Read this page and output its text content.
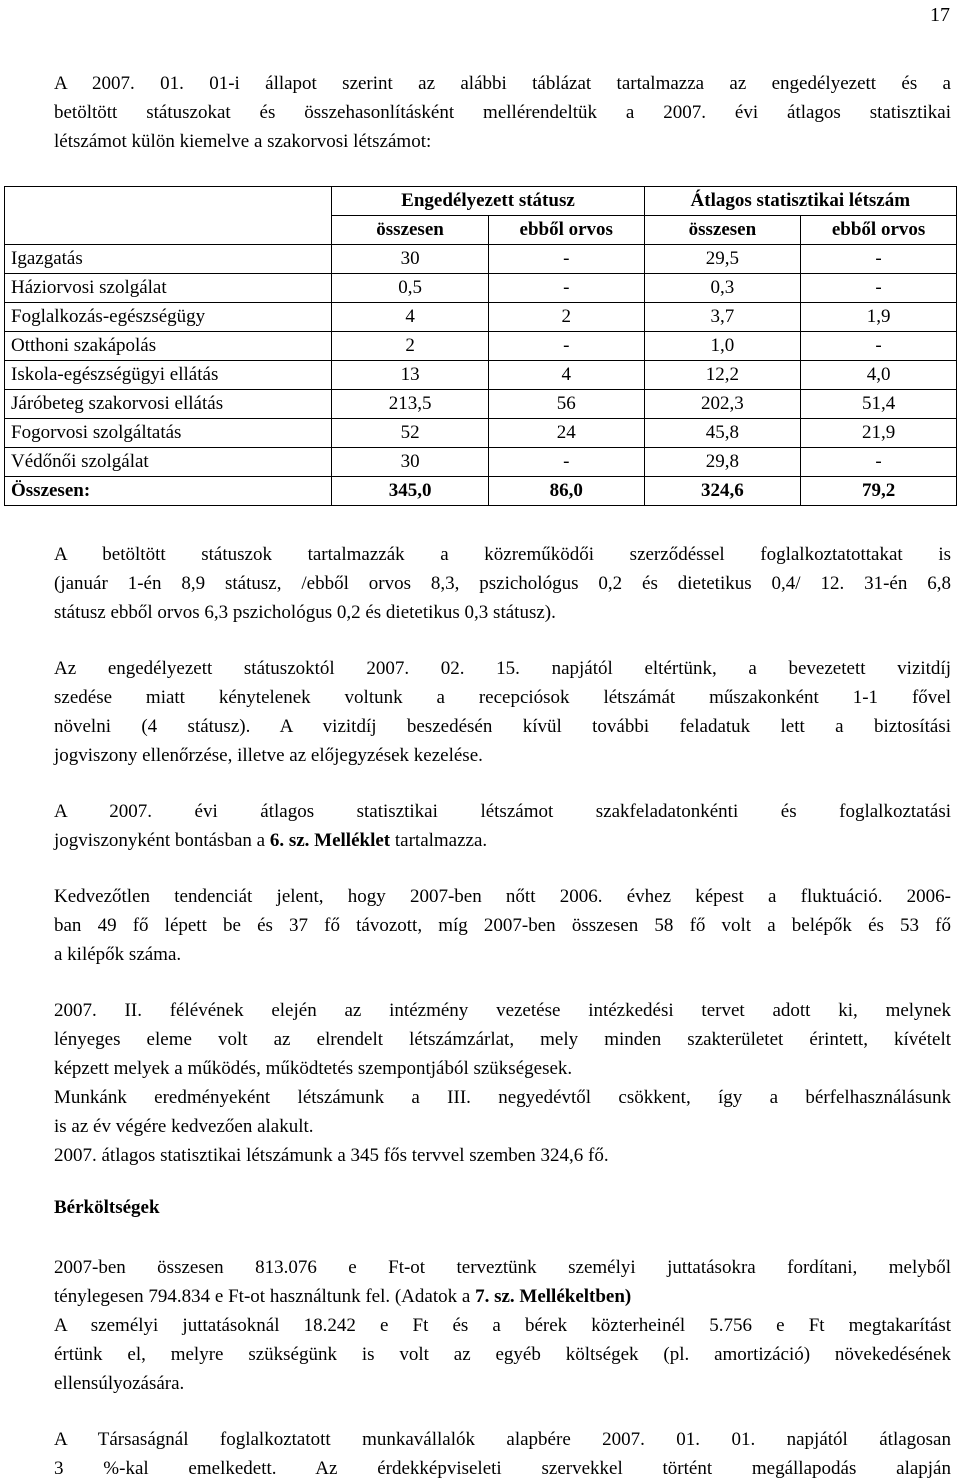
17

A 2007. 01. 01-i állapot szerint az alábbi táblázat tartalmazza az engedélyezett és a
betöltött státuszokat és összehasonlításként mellérendeltük a 2007. évi átlagos statisztikai
létszámot külön kiemelve a szakorvosi létszámot:

	Engedélyezett státusz		Átlagos statisztikai létszám	
	összesen	ebből orvos	összesen	ebből orvos
Igazgatás	30	-	29,5	-
Háziorvosi szolgálat	0,5	-	0,3	-
Foglalkozás-egészségügy	4	2	3,7	1,9
Otthoni szakápolás	2	-	1,0	-
Iskola-egészségügyi ellátás	13	4	12,2	4,0
Járóbeteg szakorvosi ellátás	213,5	56	202,3	51,4
Fogorvosi szolgáltatás	52	24	45,8	21,9
Védőnői szolgálat	30	-	29,8	-
Összesen:	345,0	86,0	324,6	79,2

A betöltött státuszok tartalmazzák a közreműködői szerződéssel foglalkoztatottakat is
(január 1-én 8,9 státusz, /ebből orvos 8,3, pszichológus 0,2 és dietetikus 0,4/ 12. 31-én 6,8
státusz ebből orvos 6,3 pszichológus 0,2 és dietetikus 0,3 státusz).

Az engedélyezett státuszoktól 2007. 02. 15. napjától eltértünk, a bevezetett vizitdíj
szedése miatt kénytelenek voltunk a recepciósok létszámát műszakonként 1-1 fővel
növelni (4 státusz). A vizitdíj beszedésén kívül további feladatuk lett a biztosítási
jogviszony ellenőrzése, illetve az előjegyzések kezelése.

A 2007. évi átlagos statisztikai létszámot szakfeladatonkénti és foglalkoztatási
jogviszonyként bontásban a 6. sz. Melléklet tartalmazza.

Kedvezőtlen tendenciát jelent, hogy 2007-ben nőtt 2006. évhez képest a fluktuáció. 2006-
ban 49 fő lépett be és 37 fő távozott, míg 2007-ben összesen 58 fő volt a belépők és 53 fő
a kilépők száma.

2007. II. félévének elején az intézmény vezetése intézkedési tervet adott ki, melynek
lényeges eleme volt az elrendelt létszámzárlat, mely minden szakterületet érintett, kívételt
képzett melyek a működés, működtetés szempontjából szükségesek.
Munkánk eredményeként létszámunk a III. negyedévtől csökkent, így a bérfelhasználásunk
is az év végére kedvezően alakult.
2007. átlagos statisztikai létszámunk a 345 fős tervvel szemben 324,6 fő.

Bérköltségek

2007-ben összesen 813.076 e Ft-ot terveztünk személyi juttatásokra fordítani, melyből
ténylegesen 794.834 e Ft-ot használtunk fel. (Adatok a 7. sz. Mellékeltben)
A személyi juttatásoknál 18.242 e Ft és a bérek közterheinél 5.756 e Ft megtakarítást
értünk el, melyre szükségünk is volt az egyéb költségek (pl. amortizáció) növekedésének
ellensúlyozására.

A Társaságnál foglalkoztatott munkavállalók alapbére 2007. 01. 01. napjától átlagosan
3 %-kal emelkedett. Az érdekképviseleti szervekkel történt megállapodás alapján
